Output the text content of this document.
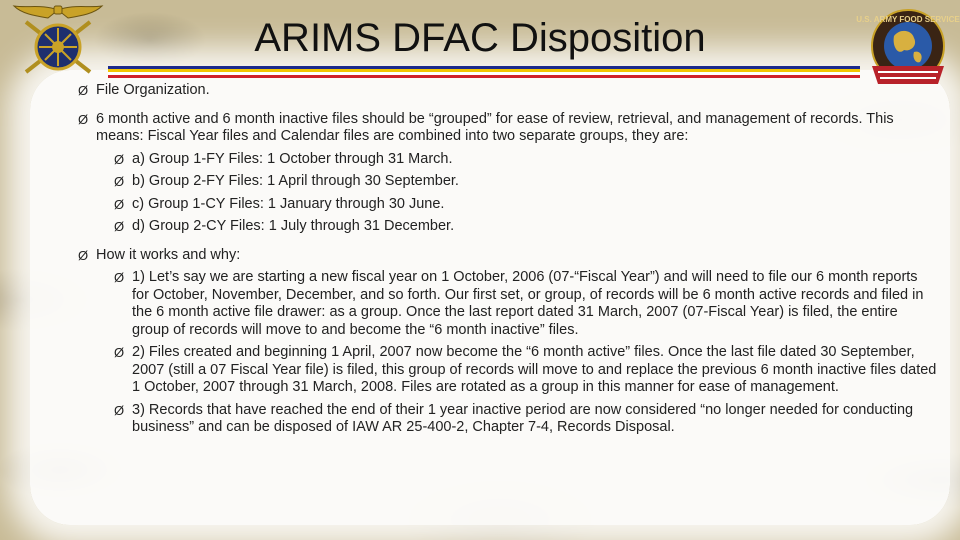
ARIMS DFAC Disposition	U.S. ARMY FOOD SERVICE
Ø File Organization.
Ø 6 month active and 6 month inactive files should be “grouped” for ease of review, retrieval, and management of records. This means: Fiscal Year files and Calendar files are combined into two separate groups, they are:
Ø a) Group 1-FY Files: 1 October through 31 March.
Ø b) Group 2-FY Files: 1 April through 30 September.
Ø c) Group 1-CY Files: 1 January through 30 June.
Ø d) Group 2-CY Files: 1 July through 31 December.
Ø How it works and why:
Ø 1) Let’s say we are starting a new fiscal year on 1 October, 2006 (07-“Fiscal Year”) and will need to file our 6 month reports for October, November, December, and so forth. Our first set, or group, of records will be 6 month active records and filed in the 6 month active file drawer: as a group. Once the last report dated 31 March, 2007 (07-Fiscal Year) is filed, the entire group of records will move to and become the “6 month inactive” files.
Ø 2) Files created and beginning 1 April, 2007 now become the “6 month active” files. Once the last file dated 30 September, 2007 (still a 07 Fiscal Year file) is filed, this group of records will move to and replace the previous 6 month inactive files dated 1 October, 2007 through 31 March, 2008. Files are rotated as a group in this manner for ease of management.
Ø 3) Records that have reached the end of their 1 year inactive period are now considered “no longer needed for conducting business” and can be disposed of IAW AR 25-400-2, Chapter 7-4, Records Disposal.
